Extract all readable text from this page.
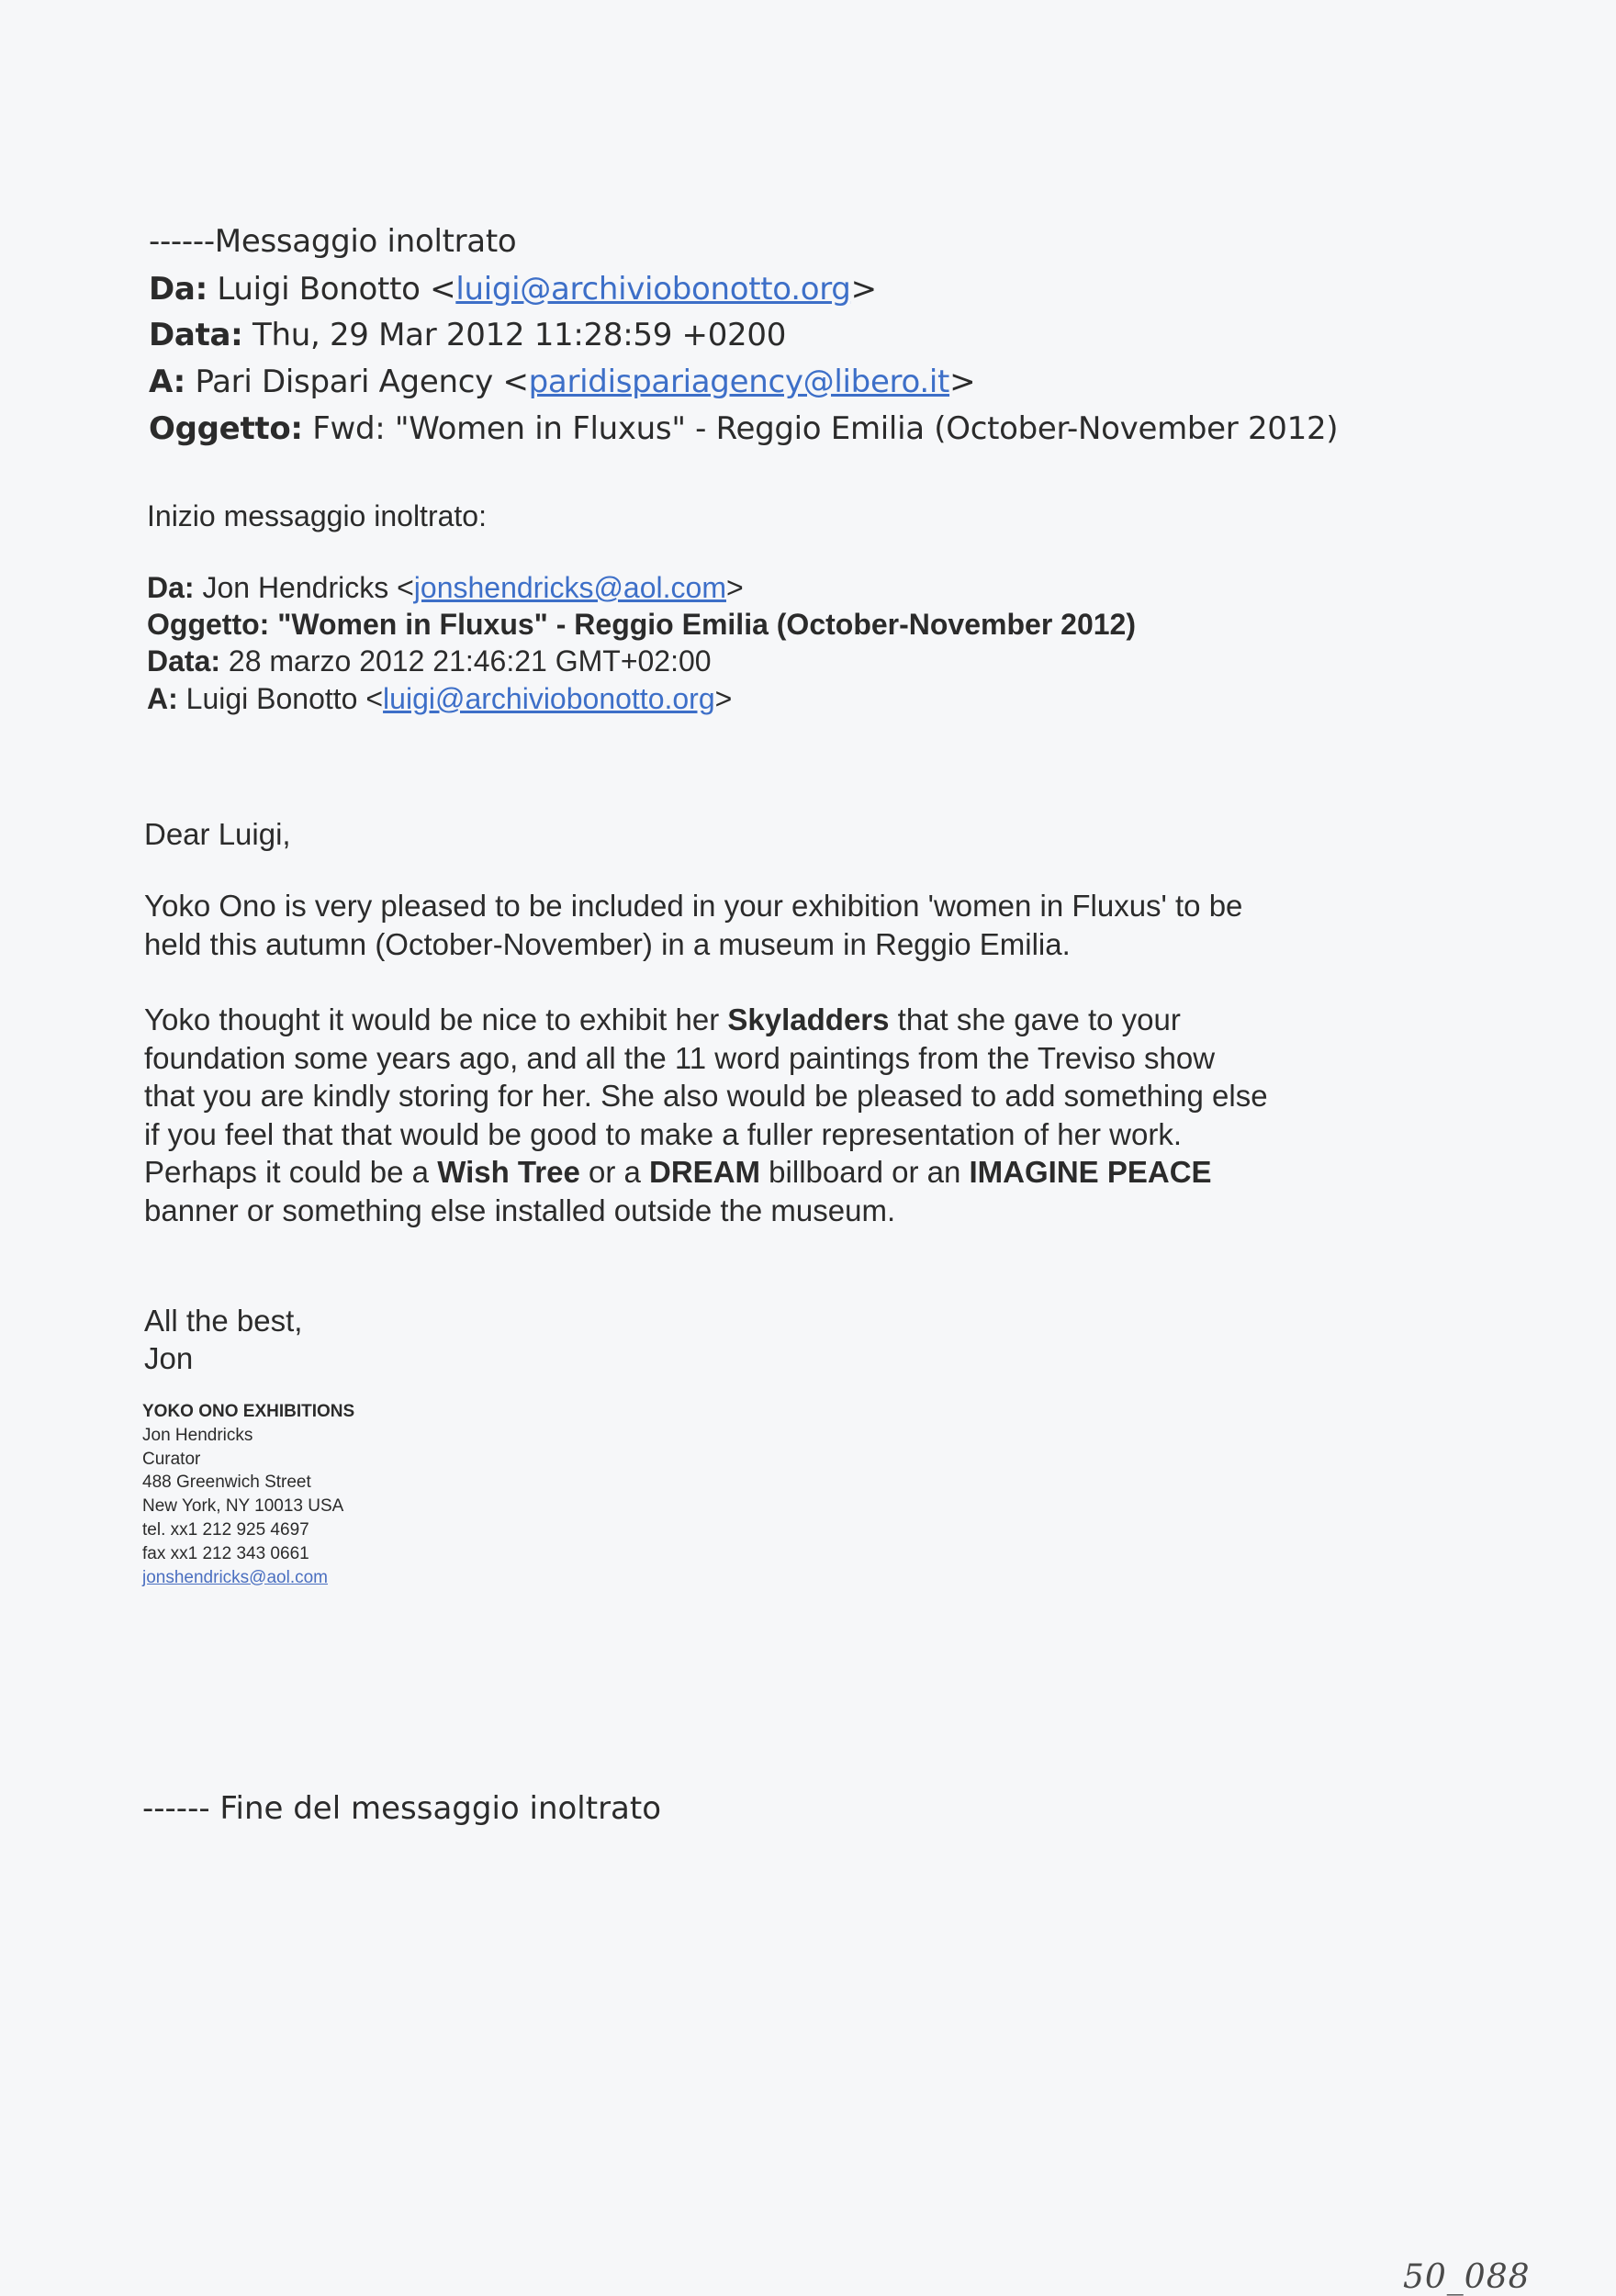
------Messaggio inoltrato
Da: Luigi Bonotto <luigi@archiviobonotto.org>
Data: Thu, 29 Mar 2012 11:28:59 +0200
A: Pari Dispari Agency <paridispariagency@libero.it>
Oggetto: Fwd: "Women in Fluxus" - Reggio Emilia (October-November 2012)
Inizio messaggio inoltrato:
Da: Jon Hendricks <jonshendricks@aol.com>
Oggetto: "Women in Fluxus" - Reggio Emilia (October-November 2012)
Data: 28 marzo 2012 21:46:21 GMT+02:00
A: Luigi Bonotto <luigi@archiviobonotto.org>
Dear Luigi,
Yoko Ono is very pleased to be included in your exhibition 'women in Fluxus' to be held this autumn (October-November) in a museum in Reggio Emilia.
Yoko thought it would be nice to exhibit her Skyladders that she gave to your foundation some years ago, and all the 11 word paintings from the Treviso show that you are kindly storing for her. She also would be pleased to add something else if you feel that that would be good to make a fuller representation of her work. Perhaps it could be a Wish Tree or a DREAM billboard or an IMAGINE PEACE banner or something else installed outside the museum.
All the best,
Jon
YOKO ONO EXHIBITIONS
Jon Hendricks
Curator
488 Greenwich Street
New York, NY 10013 USA
tel. xx1 212 925 4697
fax xx1 212 343 0661
jonshendricks@aol.com
------ Fine del messaggio inoltrato
50_088
